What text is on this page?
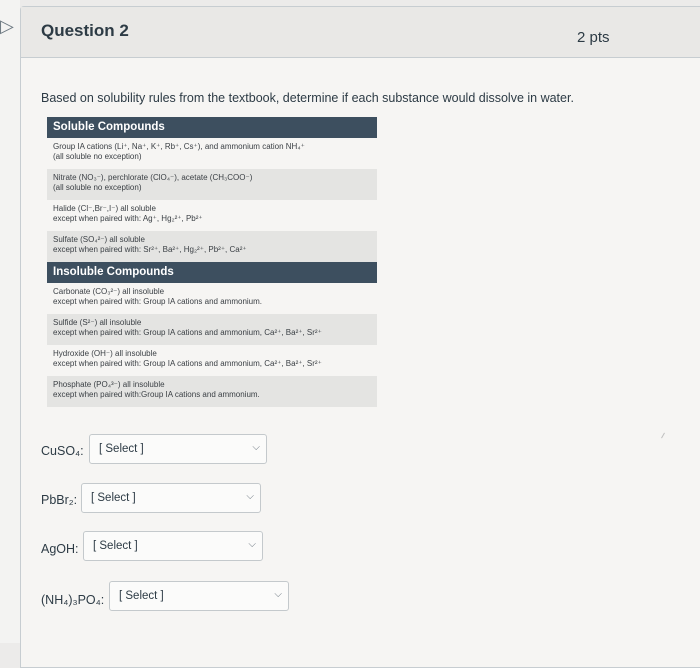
▷ Question 2	2 pts
Based on solubility rules from the textbook, determine if each substance would dissolve in water.
Soluble Compounds
Group IA cations (Li⁺, Na⁺, K⁺, Rb⁺, Cs⁺), and ammonium cation NH₄⁺
(all soluble no exception)
Nitrate (NO₃⁻), perchlorate (ClO₄⁻), acetate (CH₃COO⁻)
(all soluble no exception)
Halide (Cl⁻,Br⁻,I⁻) all soluble
except when paired with: Ag⁺, Hg₂²⁺, Pb²⁺
Sulfate (SO₄²⁻) all soluble
except when paired with: Sr²⁺, Ba²⁺, Hg₂²⁺, Pb²⁺, Ca²⁺
Insoluble Compounds
Carbonate (CO₃²⁻) all insoluble
except when paired with: Group IA cations and ammonium.
Sulfide (S²⁻) all insoluble
except when paired with: Group IA cations and ammonium, Ca²⁺, Ba²⁺, Sr²⁺
Hydroxide (OH⁻) all insoluble
except when paired with: Group IA cations and ammonium, Ca²⁺, Ba²⁺, Sr²⁺
Phosphate (PO₄³⁻) all insoluble
except when paired with:Group IA cations and ammonium.
CuSO₄: [ Select ]	⌵
PbBr₂: [ Select ]	⌵
AgOH: [ Select ]	⌵
(NH₄)₃PO₄: [ Select ]	⌵
